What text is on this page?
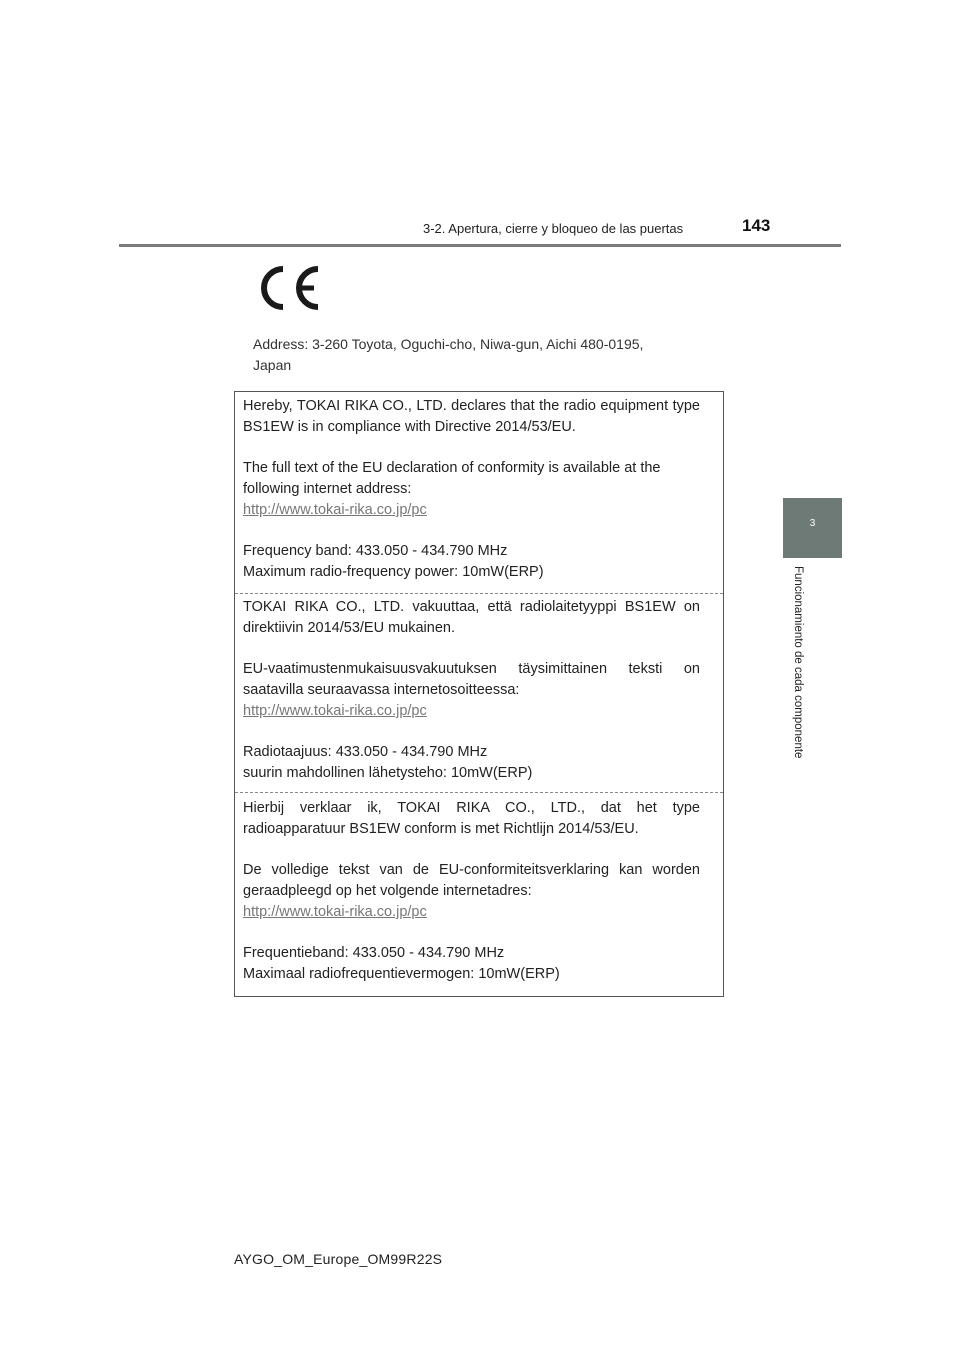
3-2. Apertura, cierre y bloqueo de las puertas	143
3
Funcionamiento de cada componente
Address: 3-260 Toyota, Oguchi-cho, Niwa-gun, Aichi 480-0195,
Japan

Hereby, TOKAI RIKA CO., LTD. declares that the radio equipment type BS1EW is in compliance with Directive 2014/53/EU.

The full text of the EU declaration of conformity is available at the

following internet address:

http://www.tokai-rika.co.jp/pc

Frequency band: 433.050 - 434.790 MHz

Maximum radio-frequency power: 10mW(ERP)

TOKAI RIKA CO., LTD. vakuuttaa, että radiolaitetyyppi BS1EW on direktiivin 2014/53/EU mukainen.

EU-vaatimustenmukaisuusvakuutuksen täysimittainen teksti on saatavilla seuraavassa internetosoitteessa:

http://www.tokai-rika.co.jp/pc

Radiotaajuus: 433.050 - 434.790 MHz

suurin mahdollinen lähetysteho: 10mW(ERP)

Hierbij verklaar ik, TOKAI RIKA CO., LTD., dat het type radioapparatuur BS1EW conform is met Richtlijn 2014/53/EU.

De volledige tekst van de EU-conformiteitsverklaring kan worden geraadpleegd op het volgende internetadres:

http://www.tokai-rika.co.jp/pc

Frequentieband: 433.050 - 434.790 MHz

Maximaal radiofrequentievermogen: 10mW(ERP)

AYGO_OM_Europe_OM99R22S
